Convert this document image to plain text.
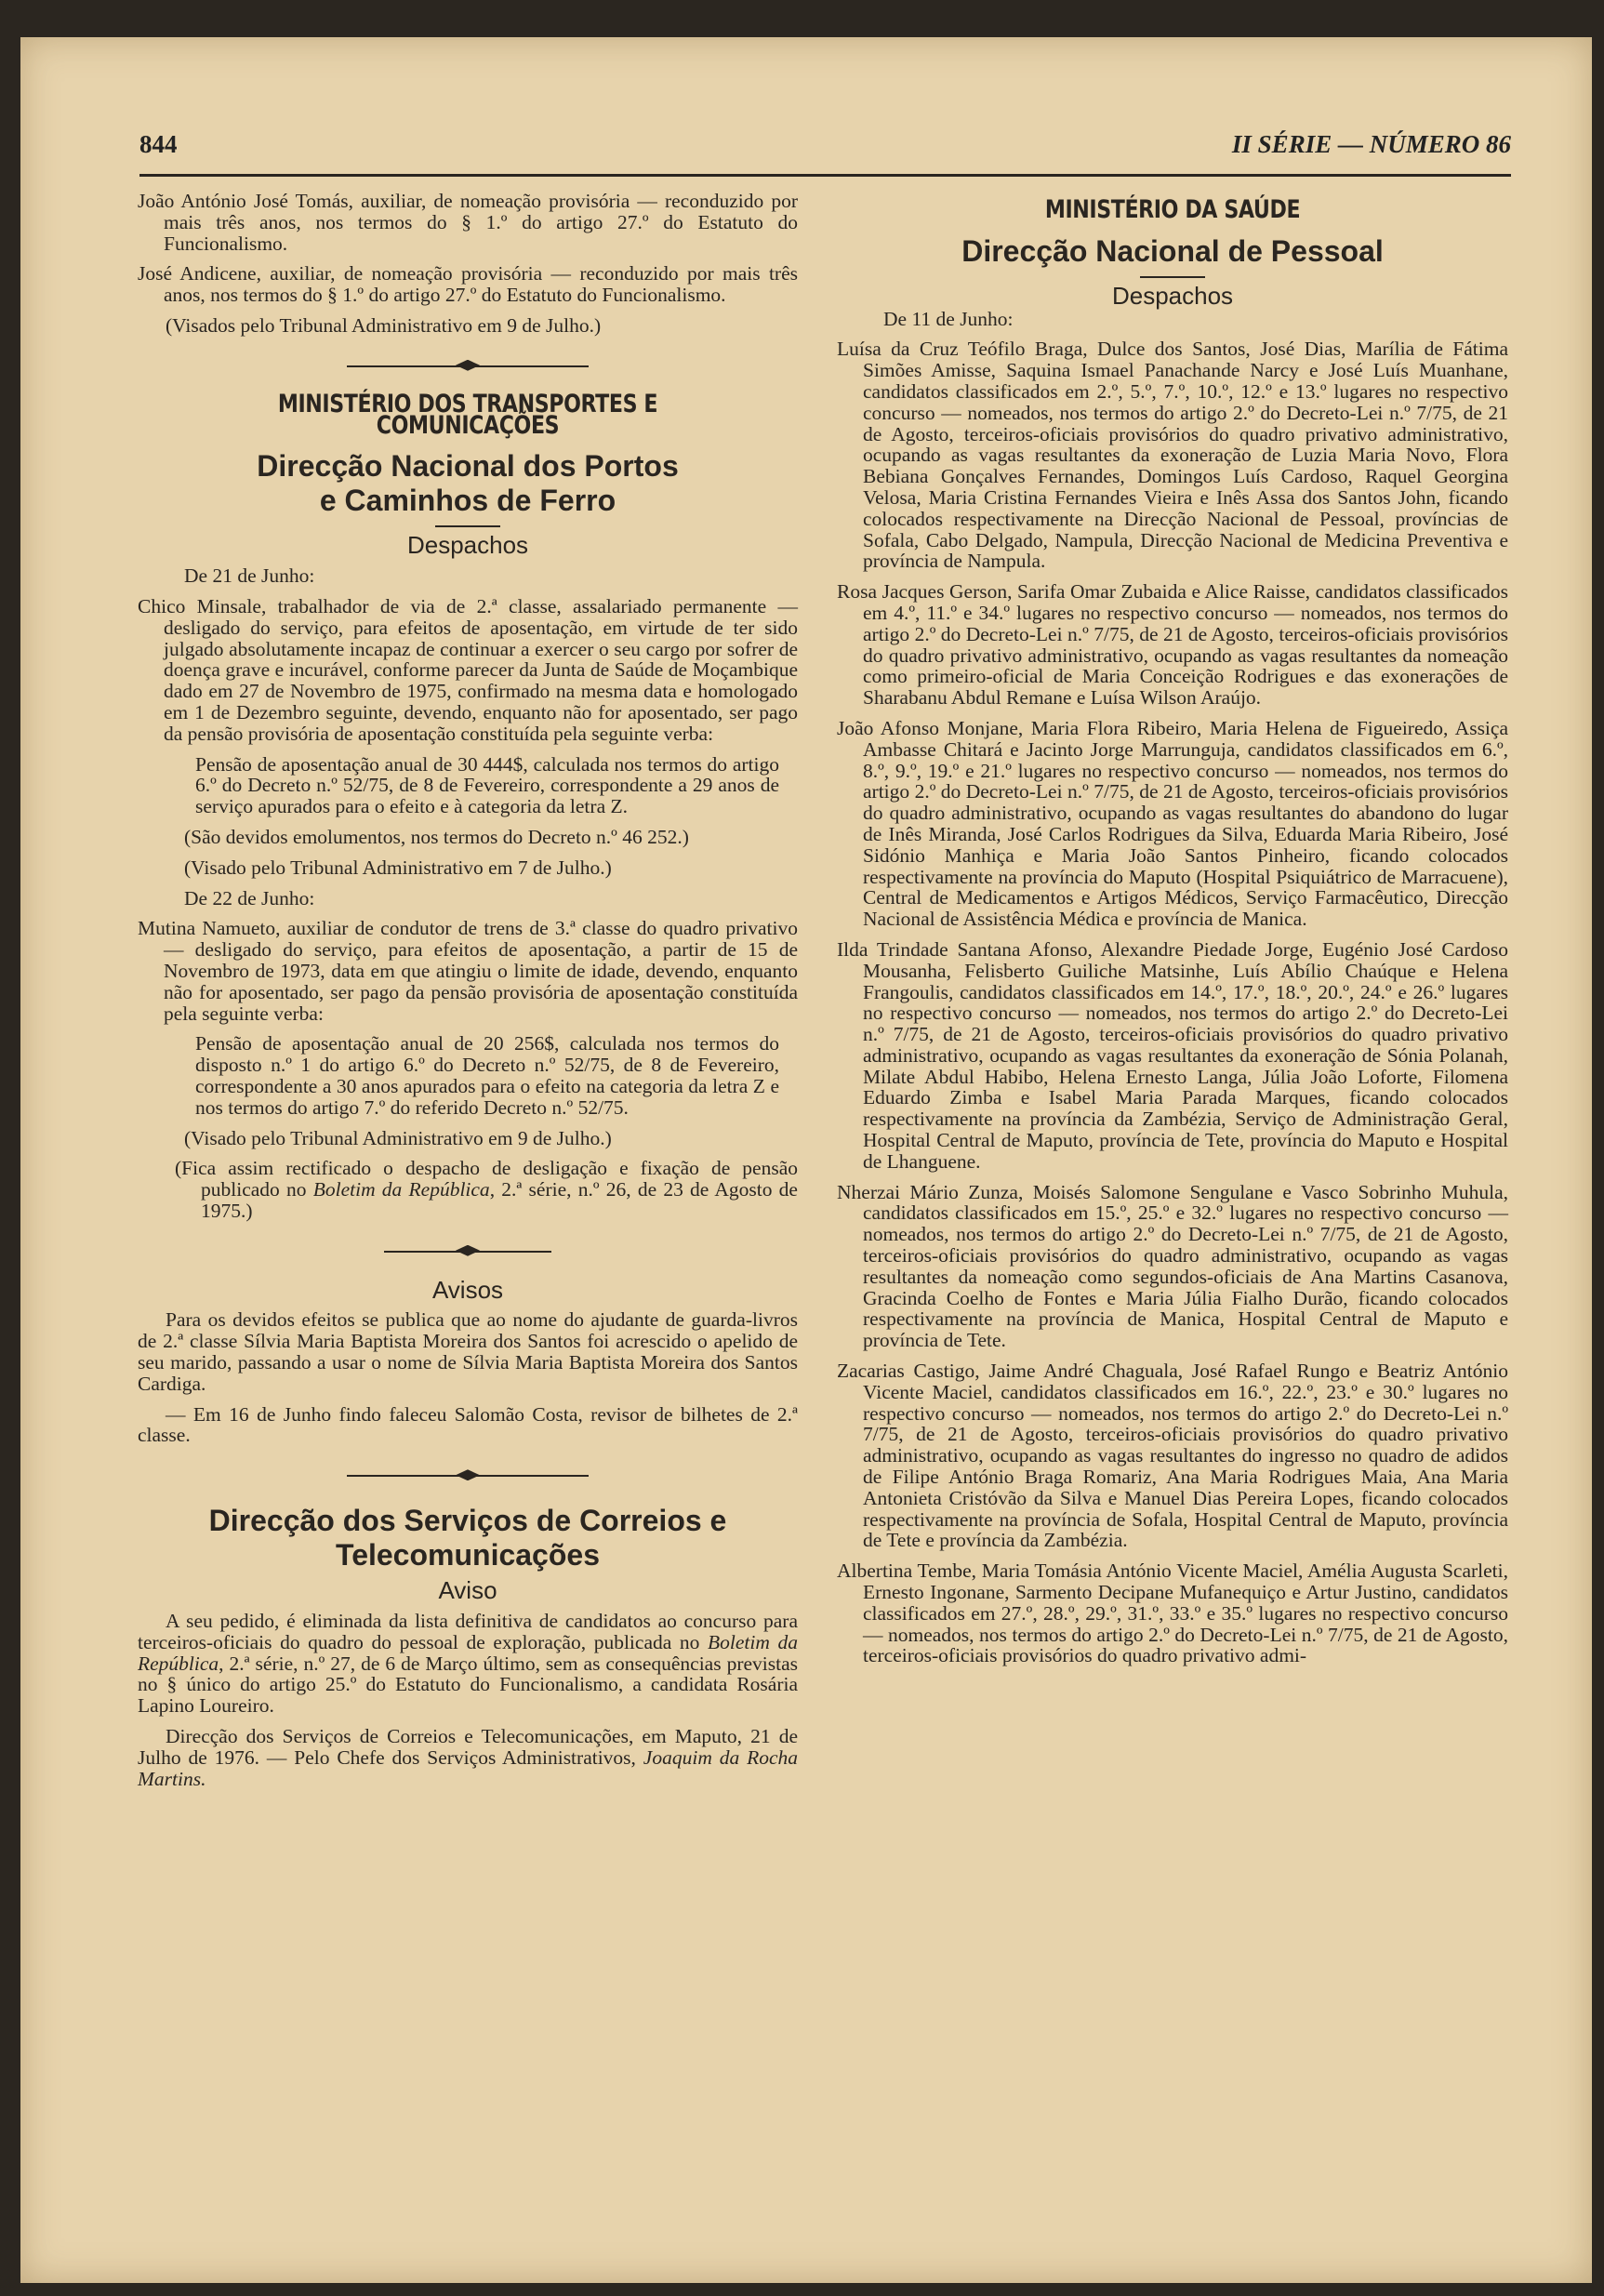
844	II SÉRIE — NÚMERO 86

João António José Tomás, auxiliar, de nomeação provisória — reconduzido por mais três anos, nos termos do § 1.º do artigo 27.º do Estatuto do Funcionalismo.

José Andicene, auxiliar, de nomeação provisória — reconduzido por mais três anos, nos termos do § 1.º do artigo 27.º do Estatuto do Funcionalismo.

(Visados pelo Tribunal Administrativo em 9 de Julho.)

MINISTÉRIO DOS TRANSPORTES E COMUNICAÇÕES
Direcção Nacional dos Portos e Caminhos de Ferro
Despachos

De 21 de Junho:

Chico Minsale, trabalhador de via de 2.ª classe, assalariado permanente — desligado do serviço, para efeitos de aposentação, em virtude de ter sido julgado absolutamente incapaz de continuar a exercer o seu cargo por sofrer de doença grave e incurável, conforme parecer da Junta de Saúde de Moçambique dado em 27 de Novembro de 1975, confirmado na mesma data e homologado em 1 de Dezembro seguinte, devendo, enquanto não for aposentado, ser pago da pensão provisória de aposentação constituída pela seguinte verba:

Pensão de aposentação anual de 30 444$, calculada nos termos do artigo 6.º do Decreto n.º 52/75, de 8 de Fevereiro, correspondente a 29 anos de serviço apurados para o efeito e à categoria da letra Z.

(São devidos emolumentos, nos termos do Decreto n.º 46 252.)

(Visado pelo Tribunal Administrativo em 7 de Julho.)

De 22 de Junho:

Mutina Namueto, auxiliar de condutor de trens de 3.ª classe do quadro privativo — desligado do serviço, para efeitos de aposentação, a partir de 15 de Novembro de 1973, data em que atingiu o limite de idade, devendo, enquanto não for aposentado, ser pago da pensão provisória de aposentação constituída pela seguinte verba:

Pensão de aposentação anual de 20 256$, calculada nos termos do disposto n.º 1 do artigo 6.º do Decreto n.º 52/75, de 8 de Fevereiro, correspondente a 30 anos apurados para o efeito na categoria da letra Z e nos termos do artigo 7.º do referido Decreto n.º 52/75.

(Visado pelo Tribunal Administrativo em 9 de Julho.)

(Fica assim rectificado o despacho de desligação e fixação de pensão publicado no Boletim da República, 2.ª série, n.º 26, de 23 de Agosto de 1975.)

Avisos

Para os devidos efeitos se publica que ao nome do ajudante de guarda-livros de 2.ª classe Sílvia Maria Baptista Moreira dos Santos foi acrescido o apelido de seu marido, passando a usar o nome de Sílvia Maria Baptista Moreira dos Santos Cardiga.

— Em 16 de Junho findo faleceu Salomão Costa, revisor de bilhetes de 2.ª classe.

Direcção dos Serviços de Correios e Telecomunicações
Aviso

A seu pedido, é eliminada da lista definitiva de candidatos ao concurso para terceiros-oficiais do quadro do pessoal de exploração, publicada no Boletim da República, 2.ª série, n.º 27, de 6 de Março último, sem as consequências previstas no § único do artigo 25.º do Estatuto do Funcionalismo, a candidata Rosária Lapino Loureiro.

Direcção dos Serviços de Correios e Telecomunicações, em Maputo, 21 de Julho de 1976. — Pelo Chefe dos Serviços Administrativos, Joaquim da Rocha Martins.

MINISTÉRIO DA SAÚDE
Direcção Nacional de Pessoal
Despachos

De 11 de Junho:

Luísa da Cruz Teófilo Braga, Dulce dos Santos, José Dias, Marília de Fátima Simões Amisse, Saquina Ismael Panachande Narcy e José Luís Muanhane, candidatos classificados em 2.º, 5.º, 7.º, 10.º, 12.º e 13.º lugares no respectivo concurso — nomeados, nos termos do artigo 2.º do Decreto-Lei n.º 7/75, de 21 de Agosto, terceiros-oficiais provisórios do quadro privativo administrativo, ocupando as vagas resultantes da exoneração de Luzia Maria Novo, Flora Bebiana Gonçalves Fernandes, Domingos Luís Cardoso, Raquel Georgina Velosa, Maria Cristina Fernandes Vieira e Inês Assa dos Santos John, ficando colocados respectivamente na Direcção Nacional de Pessoal, províncias de Sofala, Cabo Delgado, Nampula, Direcção Nacional de Medicina Preventiva e província de Nampula.

Rosa Jacques Gerson, Sarifa Omar Zubaida e Alice Raisse, candidatos classificados em 4.º, 11.º e 34.º lugares no respectivo concurso — nomeados, nos termos do artigo 2.º do Decreto-Lei n.º 7/75, de 21 de Agosto, terceiros-oficiais provisórios do quadro privativo administrativo, ocupando as vagas resultantes da nomeação como primeiro-oficial de Maria Conceição Rodrigues e das exonerações de Sharabanu Abdul Remane e Luísa Wilson Araújo.

João Afonso Monjane, Maria Flora Ribeiro, Maria Helena de Figueiredo, Assiça Ambasse Chitará e Jacinto Jorge Marrunguja, candidatos classificados em 6.º, 8.º, 9.º, 19.º e 21.º lugares no respectivo concurso — nomeados, nos termos do artigo 2.º do Decreto-Lei n.º 7/75, de 21 de Agosto, terceiros-oficiais provisórios do quadro administrativo, ocupando as vagas resultantes do abandono do lugar de Inês Miranda, José Carlos Rodrigues da Silva, Eduarda Maria Ribeiro, José Sidónio Manhiça e Maria João Santos Pinheiro, ficando colocados respectivamente na província do Maputo (Hospital Psiquiátrico de Marracuene), Central de Medicamentos e Artigos Médicos, Serviço Farmacêutico, Direcção Nacional de Assistência Médica e província de Manica.

Ilda Trindade Santana Afonso, Alexandre Piedade Jorge, Eugénio José Cardoso Mousanha, Felisberto Guiliche Matsinhe, Luís Abílio Chaúque e Helena Frangoulis, candidatos classificados em 14.º, 17.º, 18.º, 20.º, 24.º e 26.º lugares no respectivo concurso — nomeados, nos termos do artigo 2.º do Decreto-Lei n.º 7/75, de 21 de Agosto, terceiros-oficiais provisórios do quadro privativo administrativo, ocupando as vagas resultantes da exoneração de Sónia Polanah, Milate Abdul Habibo, Helena Ernesto Langa, Júlia João Loforte, Filomena Eduardo Zimba e Isabel Maria Parada Marques, ficando colocados respectivamente na província da Zambézia, Serviço de Administração Geral, Hospital Central de Maputo, província de Tete, província do Maputo e Hospital de Lhanguene.

Nherzai Mário Zunza, Moisés Salomone Sengulane e Vasco Sobrinho Muhula, candidatos classificados em 15.º, 25.º e 32.º lugares no respectivo concurso — nomeados, nos termos do artigo 2.º do Decreto-Lei n.º 7/75, de 21 de Agosto, terceiros-oficiais provisórios do quadro administrativo, ocupando as vagas resultantes da nomeação como segundos-oficiais de Ana Martins Casanova, Gracinda Coelho de Fontes e Maria Júlia Fialho Durão, ficando colocados respectivamente na província de Manica, Hospital Central de Maputo e província de Tete.

Zacarias Castigo, Jaime André Chaguala, José Rafael Rungo e Beatriz António Vicente Maciel, candidatos classificados em 16.º, 22.º, 23.º e 30.º lugares no respectivo concurso — nomeados, nos termos do artigo 2.º do Decreto-Lei n.º 7/75, de 21 de Agosto, terceiros-oficiais provisórios do quadro privativo administrativo, ocupando as vagas resultantes do ingresso no quadro de adidos de Filipe António Braga Romariz, Ana Maria Rodrigues Maia, Ana Maria Antonieta Cristóvão da Silva e Manuel Dias Pereira Lopes, ficando colocados respectivamente na província de Sofala, Hospital Central de Maputo, província de Tete e província da Zambézia.

Albertina Tembe, Maria Tomásia António Vicente Maciel, Amélia Augusta Scarleti, Ernesto Ingonane, Sarmento Decipane Mufanequiço e Artur Justino, candidatos classificados em 27.º, 28.º, 29.º, 31.º, 33.º e 35.º lugares no respectivo concurso — nomeados, nos termos do artigo 2.º do Decreto-Lei n.º 7/75, de 21 de Agosto, terceiros-oficiais provisórios do quadro privativo admi-
